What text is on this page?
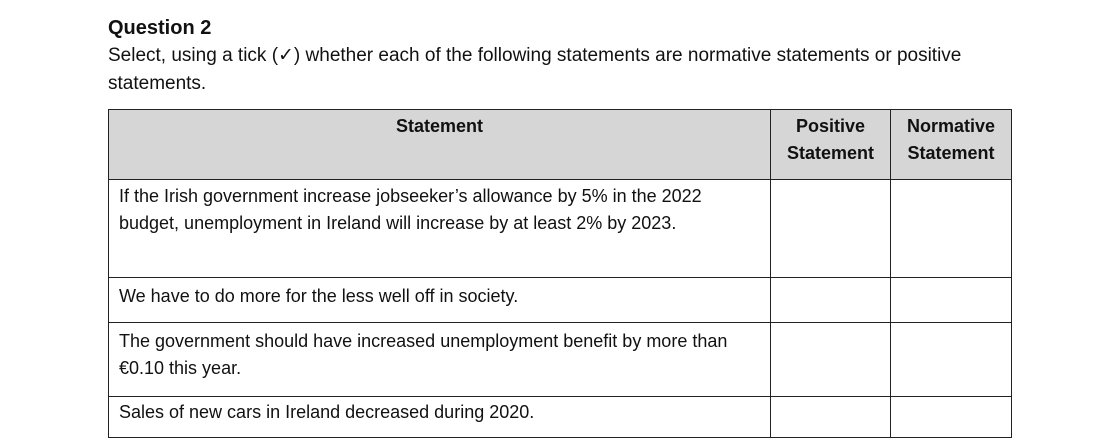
Question 2

Select, using a tick (✓) whether each of the following statements are normative statements or positive statements.

Statement	Positive Statement	Normative Statement
If the Irish government increase jobseeker’s allowance by 5% in the 2022 budget, unemployment in Ireland will increase by at least 2% by 2023.		
We have to do more for the less well off in society.		
The government should have increased unemployment benefit by more than €0.10 this year.		
Sales of new cars in Ireland decreased during 2020.		
